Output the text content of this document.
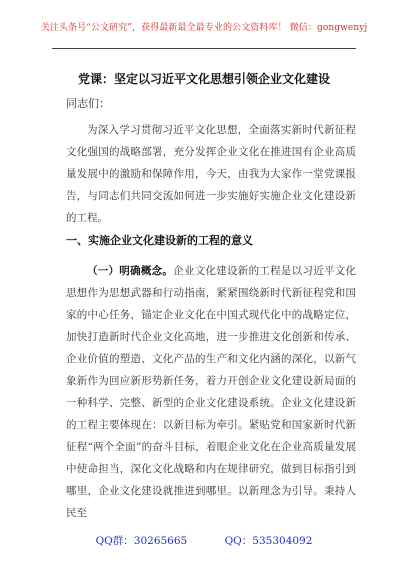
关注头条号“公文研究”，获得最新最全最专业的公文资料库！ 微信：gongwenyj
党课：坚定以习近平文化思想引领企业文化建设
同志们：
为深入学习贯彻习近平文化思想，全面落实新时代新征程文化强国的战略部署，充分发挥企业文化在推进国有企业高质量发展中的激励和保障作用，今天，由我为大家作一堂党课报告，与同志们共同交流如何进一步实施好实施企业文化建设新的工程。
一、实施企业文化建设新的工程的意义
（一）明确概念。企业文化建设新的工程是以习近平文化思想作为思想武器和行动指南，紧紧围绕新时代新征程党和国家的中心任务，锚定企业文化在中国式现代化中的战略定位，加快打造新时代企业文化高地，进一步推进文化创新和传承、企业价值的塑造、文化产品的生产和文化内涵的深化，以新气象新作为回应新形势新任务，着力开创企业文化建设新局面的一种科学、完整、新型的企业文化建设系统。企业文化建设新的工程主要体现在：以新目标为牵引。紧贴党和国家新时代新征程“两个全面”的奋斗目标，着眼企业文化在企业高质量发展中使命担当，深化文化战略和内在规律研究，做到目标指引到哪里，企业文化建设就推进到哪里。以新理念为引导。秉持人民至
QQ群：30265665	QQ：535304092
